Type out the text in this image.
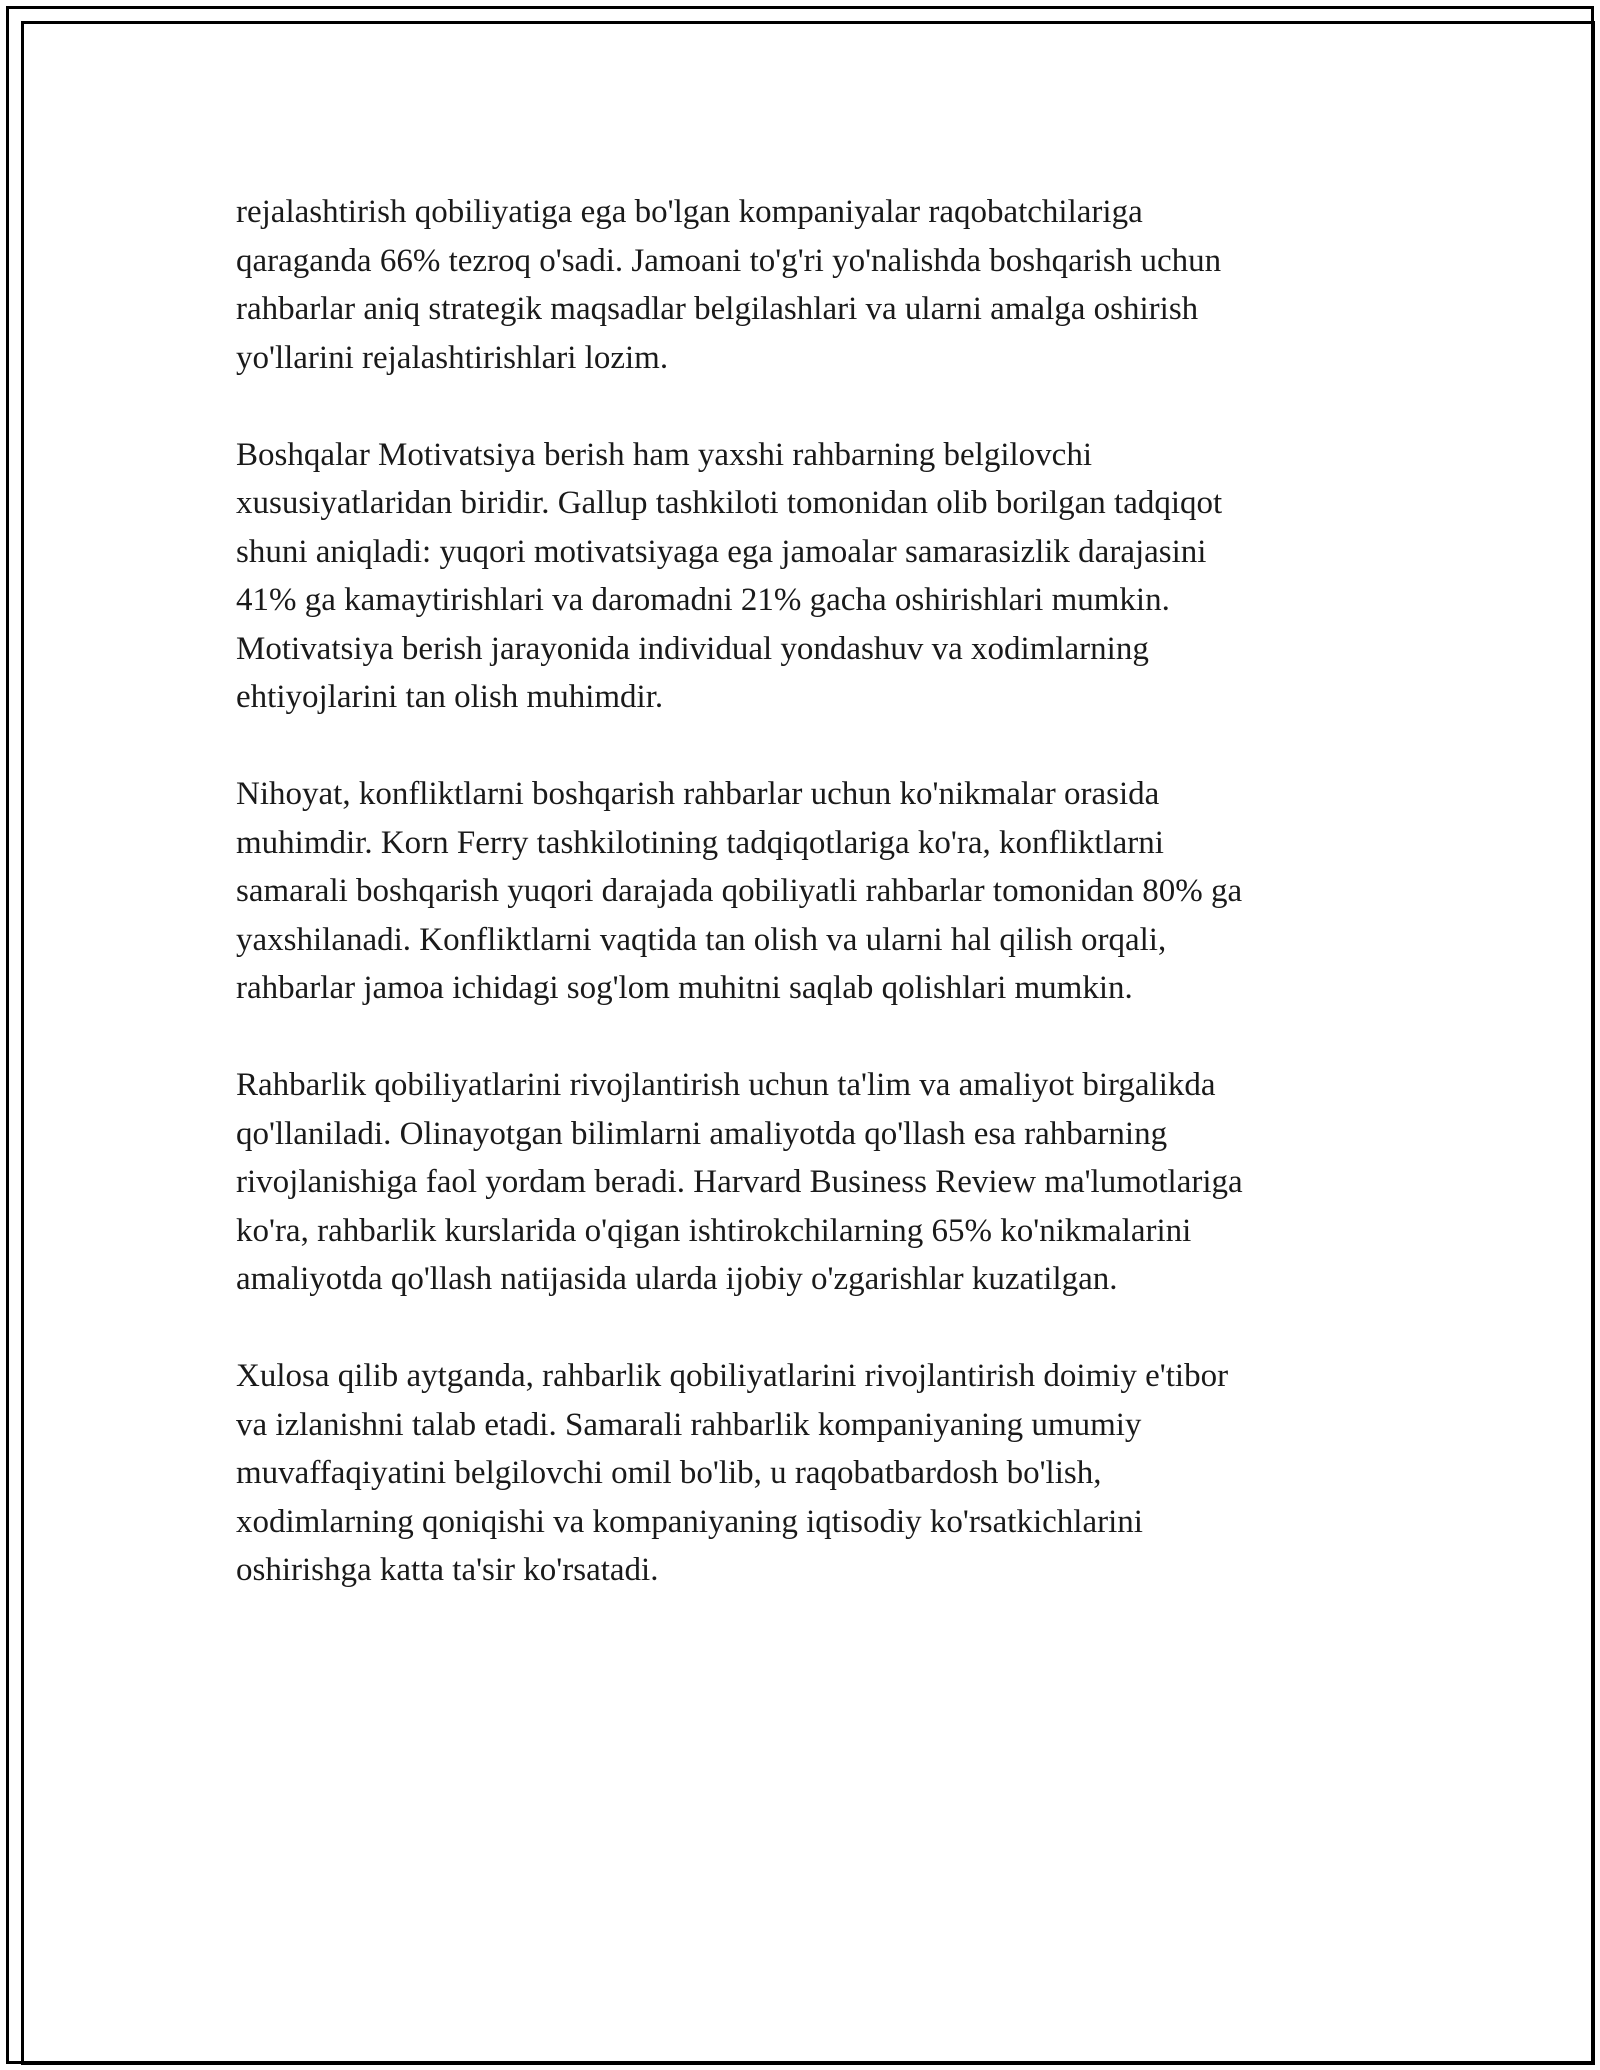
rejalashtirish qobiliyatiga ega bo'lgan kompaniyalar raqobatchilariga
qaraganda 66% tezroq o'sadi. Jamoani to'g'ri yo'nalishda boshqarish uchun
rahbarlar aniq strategik maqsadlar belgilashlari va ularni amalga oshirish
yo'llarini rejalashtirishlari lozim.

Boshqalar Motivatsiya berish ham yaxshi rahbarning belgilovchi
xususiyatlaridan biridir. Gallup tashkiloti tomonidan olib borilgan tadqiqot
shuni aniqladi: yuqori motivatsiyaga ega jamoalar samarasizlik darajasini
41% ga kamaytirishlari va daromadni 21% gacha oshirishlari mumkin.
Motivatsiya berish jarayonida individual yondashuv va xodimlarning
ehtiyojlarini tan olish muhimdir.

Nihoyat, konfliktlarni boshqarish rahbarlar uchun ko'nikmalar orasida
muhimdir. Korn Ferry tashkilotining tadqiqotlariga ko'ra, konfliktlarni
samarali boshqarish yuqori darajada qobiliyatli rahbarlar tomonidan 80% ga
yaxshilanadi. Konfliktlarni vaqtida tan olish va ularni hal qilish orqali,
rahbarlar jamoa ichidagi sog'lom muhitni saqlab qolishlari mumkin.

Rahbarlik qobiliyatlarini rivojlantirish uchun ta'lim va amaliyot birgalikda
qo'llaniladi. Olinayotgan bilimlarni amaliyotda qo'llash esa rahbarning
rivojlanishiga faol yordam beradi. Harvard Business Review ma'lumotlariga
ko'ra, rahbarlik kurslarida o'qigan ishtirokchilarning 65% ko'nikmalarini
amaliyotda qo'llash natijasida ularda ijobiy o'zgarishlar kuzatilgan.

Xulosa qilib aytganda, rahbarlik qobiliyatlarini rivojlantirish doimiy e'tibor
va izlanishni talab etadi. Samarali rahbarlik kompaniyaning umumiy
muvaffaqiyatini belgilovchi omil bo'lib, u raqobatbardosh bo'lish,
xodimlarning qoniqishi va kompaniyaning iqtisodiy ko'rsatkichlarini
oshirishga katta ta'sir ko'rsatadi.
